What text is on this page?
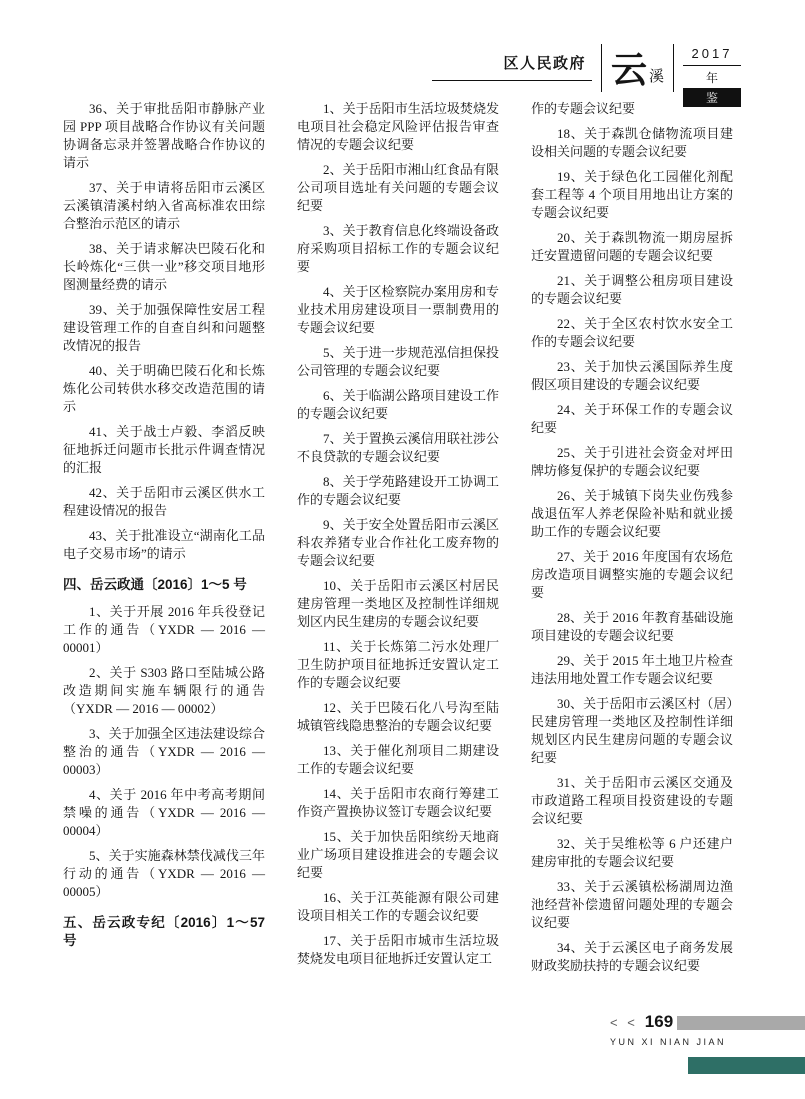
区人民政府 云 溪
2017
年
鉴

36、关于审批岳阳市静脉产业园 PPP 项目战略合作协议有关问题协调备忘录并签署战略合作协议的请示

37、关于申请将岳阳市云溪区云溪镇清溪村纳入省高标准农田综合整治示范区的请示

38、关于请求解决巴陵石化和长岭炼化“三供一业”移交项目地形图测量经费的请示

39、关于加强保障性安居工程建设管理工作的自查自纠和问题整改情况的报告

40、关于明确巴陵石化和长炼炼化公司转供水移交改造范围的请示

41、关于战士卢毅、李滔反映征地拆迁问题市长批示件调查情况的汇报

42、关于岳阳市云溪区供水工程建设情况的报告

43、关于批准设立“湖南化工品电子交易市场”的请示

四、岳云政通〔2016〕1～5 号

1、关于开展 2016 年兵役登记工作的通告（YXDR — 2016 — 00001）

2、关于 S303 路口至陆城公路改造期间实施车辆限行的通告（YXDR — 2016 — 00002）

3、关于加强全区违法建设综合整治的通告（YXDR — 2016 — 00003）

4、关于 2016 年中考高考期间禁噪的通告（YXDR — 2016 — 00004）

5、关于实施森林禁伐减伐三年行动的通告（YXDR — 2016 — 00005）

五、岳云政专纪〔2016〕1～57 号

1、关于岳阳市生活垃圾焚烧发电项目社会稳定风险评估报告审查情况的专题会议纪要

2、关于岳阳市湘山红食品有限公司项目选址有关问题的专题会议纪要

3、关于教育信息化终端设备政府采购项目招标工作的专题会议纪要

4、关于区检察院办案用房和专业技术用房建设项目一票制费用的专题会议纪要

5、关于进一步规范泓信担保投公司管理的专题会议纪要

6、关于临湖公路项目建设工作的专题会议纪要

7、关于置换云溪信用联社涉公不良贷款的专题会议纪要

8、关于学苑路建设开工协调工作的专题会议纪要

9、关于安全处置岳阳市云溪区科农养猪专业合作社化工废弃物的专题会议纪要

10、关于岳阳市云溪区村居民建房管理一类地区及控制性详细规划区内民生建房的专题会议纪要

11、关于长炼第二污水处理厂卫生防护项目征地拆迁安置认定工作的专题会议纪要

12、关于巴陵石化八号沟至陆城镇管线隐患整治的专题会议纪要

13、关于催化剂项目二期建设工作的专题会议纪要

14、关于岳阳市农商行筹建工作资产置换协议签订专题会议纪要

15、关于加快岳阳缤纷天地商业广场项目建设推进会的专题会议纪要

16、关于江英能源有限公司建设项目相关工作的专题会议纪要

17、关于岳阳市城市生活垃圾焚烧发电项目征地拆迁安置认定工

作的专题会议纪要

18、关于森凯仓储物流项目建设相关问题的专题会议纪要

19、关于绿色化工园催化剂配套工程等 4 个项目用地出让方案的专题会议纪要

20、关于森凯物流一期房屋拆迁安置遗留问题的专题会议纪要

21、关于调整公租房项目建设的专题会议纪要

22、关于全区农村饮水安全工作的专题会议纪要

23、关于加快云溪国际养生度假区项目建设的专题会议纪要

24、关于环保工作的专题会议纪要

25、关于引进社会资金对坪田牌坊修复保护的专题会议纪要

26、关于城镇下岗失业伤残参战退伍军人养老保险补贴和就业援助工作的专题会议纪要

27、关于 2016 年度国有农场危房改造项目调整实施的专题会议纪要

28、关于 2016 年教育基础设施项目建设的专题会议纪要

29、关于 2015 年土地卫片检查违法用地处置工作专题会议纪要

30、关于岳阳市云溪区村（居）民建房管理一类地区及控制性详细规划区内民生建房问题的专题会议纪要

31、关于岳阳市云溪区交通及市政道路工程项目投资建设的专题会议纪要

32、关于吴维松等 6 户还建户建房审批的专题会议纪要

33、关于云溪镇松杨湖周边渔池经营补偿遗留问题处理的专题会议纪要

34、关于云溪区电子商务发展财政奖励扶持的专题会议纪要

< < 169
YUN XI NIAN JIAN
